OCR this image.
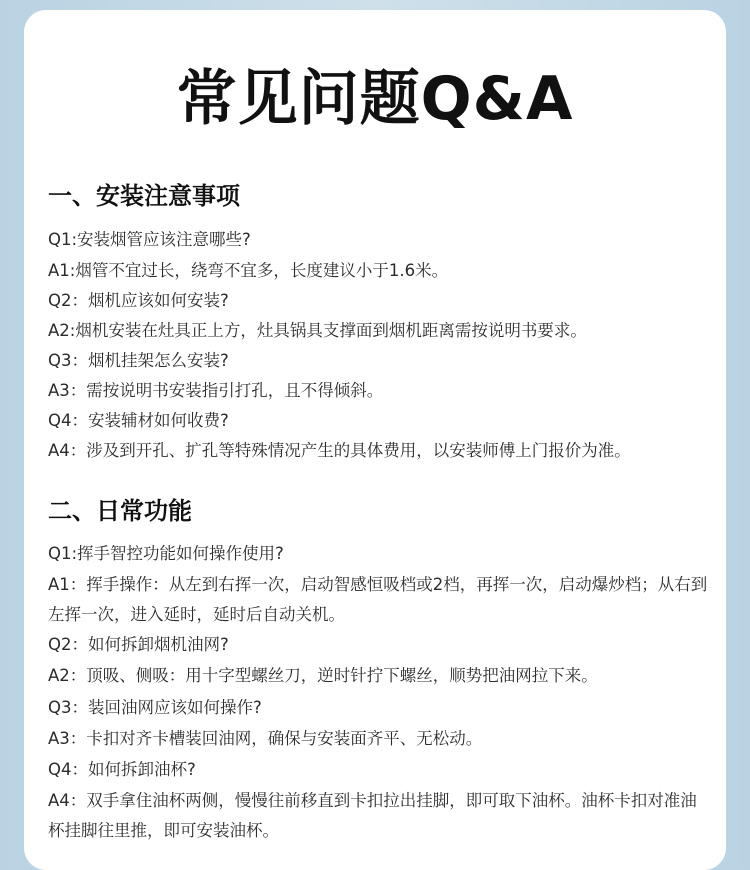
常见问题Q&A
一、安装注意事项
Q1:安装烟管应该注意哪些?
A1:烟管不宜过长，绕弯不宜多，长度建议小于1.6米。
Q2：烟机应该如何安装?
A2:烟机安装在灶具正上方，灶具锅具支撑面到烟机距离需按说明书要求。
Q3：烟机挂架怎么安装?
A3：需按说明书安装指引打孔，且不得倾斜。
Q4：安装辅材如何收费?
A4：涉及到开孔、扩孔等特殊情况产生的具体费用，以安装师傅上门报价为准。
二、日常功能
Q1:挥手智控功能如何操作使用?
A1：挥手操作：从左到右挥一次，启动智感恒吸档或2档，再挥一次，启动爆炒档；从右到左挥一次，进入延时，延时后自动关机。
Q2：如何拆卸烟机油网?
A2：顶吸、侧吸：用十字型螺丝刀，逆时针拧下螺丝，顺势把油网拉下来。
Q3：装回油网应该如何操作?
A3：卡扣对齐卡槽装回油网，确保与安装面齐平、无松动。
Q4：如何拆卸油杯?
A4：双手拿住油杯两侧，慢慢往前移直到卡扣拉出挂脚，即可取下油杯。油杯卡扣对准油杯挂脚往里推，即可安装油杯。
